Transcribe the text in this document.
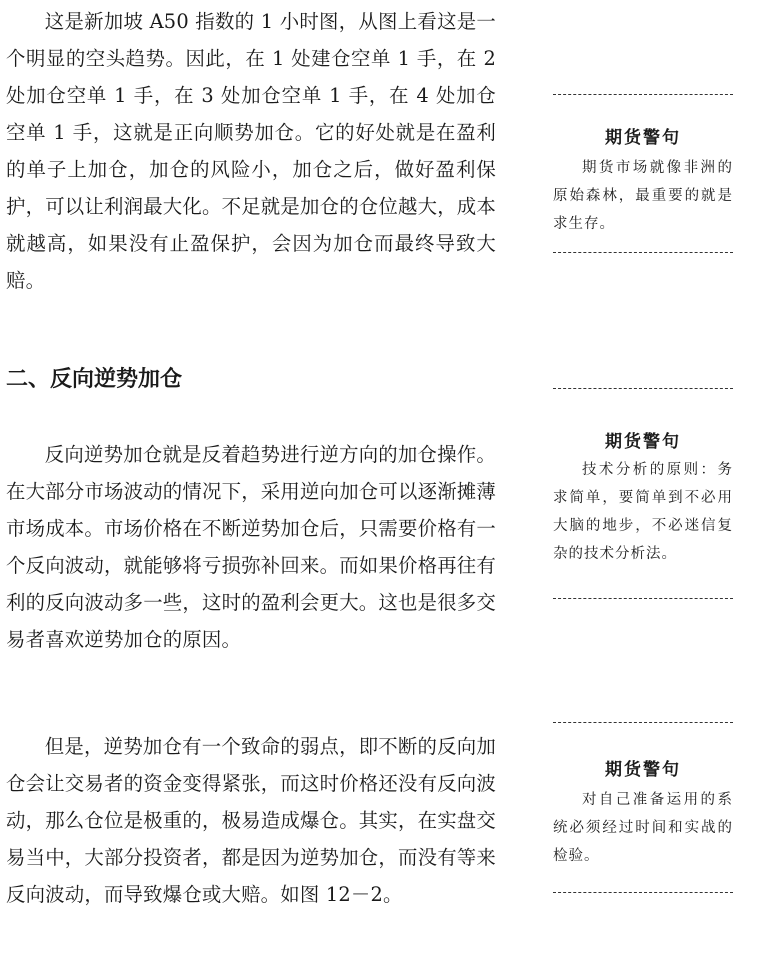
这是新加坡 A50 指数的 1 小时图，从图上看这是一个明显的空头趋势。因此，在 1 处建仓空单 1 手，在 2 处加仓空单 1 手，在 3 处加仓空单 1 手，在 4 处加仓空单 1 手，这就是正向顺势加仓。它的好处就是在盈利的单子上加仓，加仓的风险小，加仓之后，做好盈利保护，可以让利润最大化。不足就是加仓的仓位越大，成本就越高，如果没有止盈保护，会因为加仓而最终导致大赔。

二、反向逆势加仓

反向逆势加仓就是反着趋势进行逆方向的加仓操作。在大部分市场波动的情况下，采用逆向加仓可以逐渐摊薄市场成本。市场价格在不断逆势加仓后，只需要价格有一个反向波动，就能够将亏损弥补回来。而如果价格再往有利的反向波动多一些，这时的盈利会更大。这也是很多交易者喜欢逆势加仓的原因。

但是，逆势加仓有一个致命的弱点，即不断的反向加仓会让交易者的资金变得紧张，而这时价格还没有反向波动，那么仓位是极重的，极易造成爆仓。其实，在实盘交易当中，大部分投资者，都是因为逆势加仓，而没有等来反向波动，而导致爆仓或大赔。如图 12－2。

期货警句

期货市场就像非洲的原始森林，最重要的就是求生存。

期货警句

技术分析的原则：务求简单，要简单到不必用大脑的地步，不必迷信复杂的技术分析法。

期货警句

对自己准备运用的系统必须经过时间和实战的检验。
